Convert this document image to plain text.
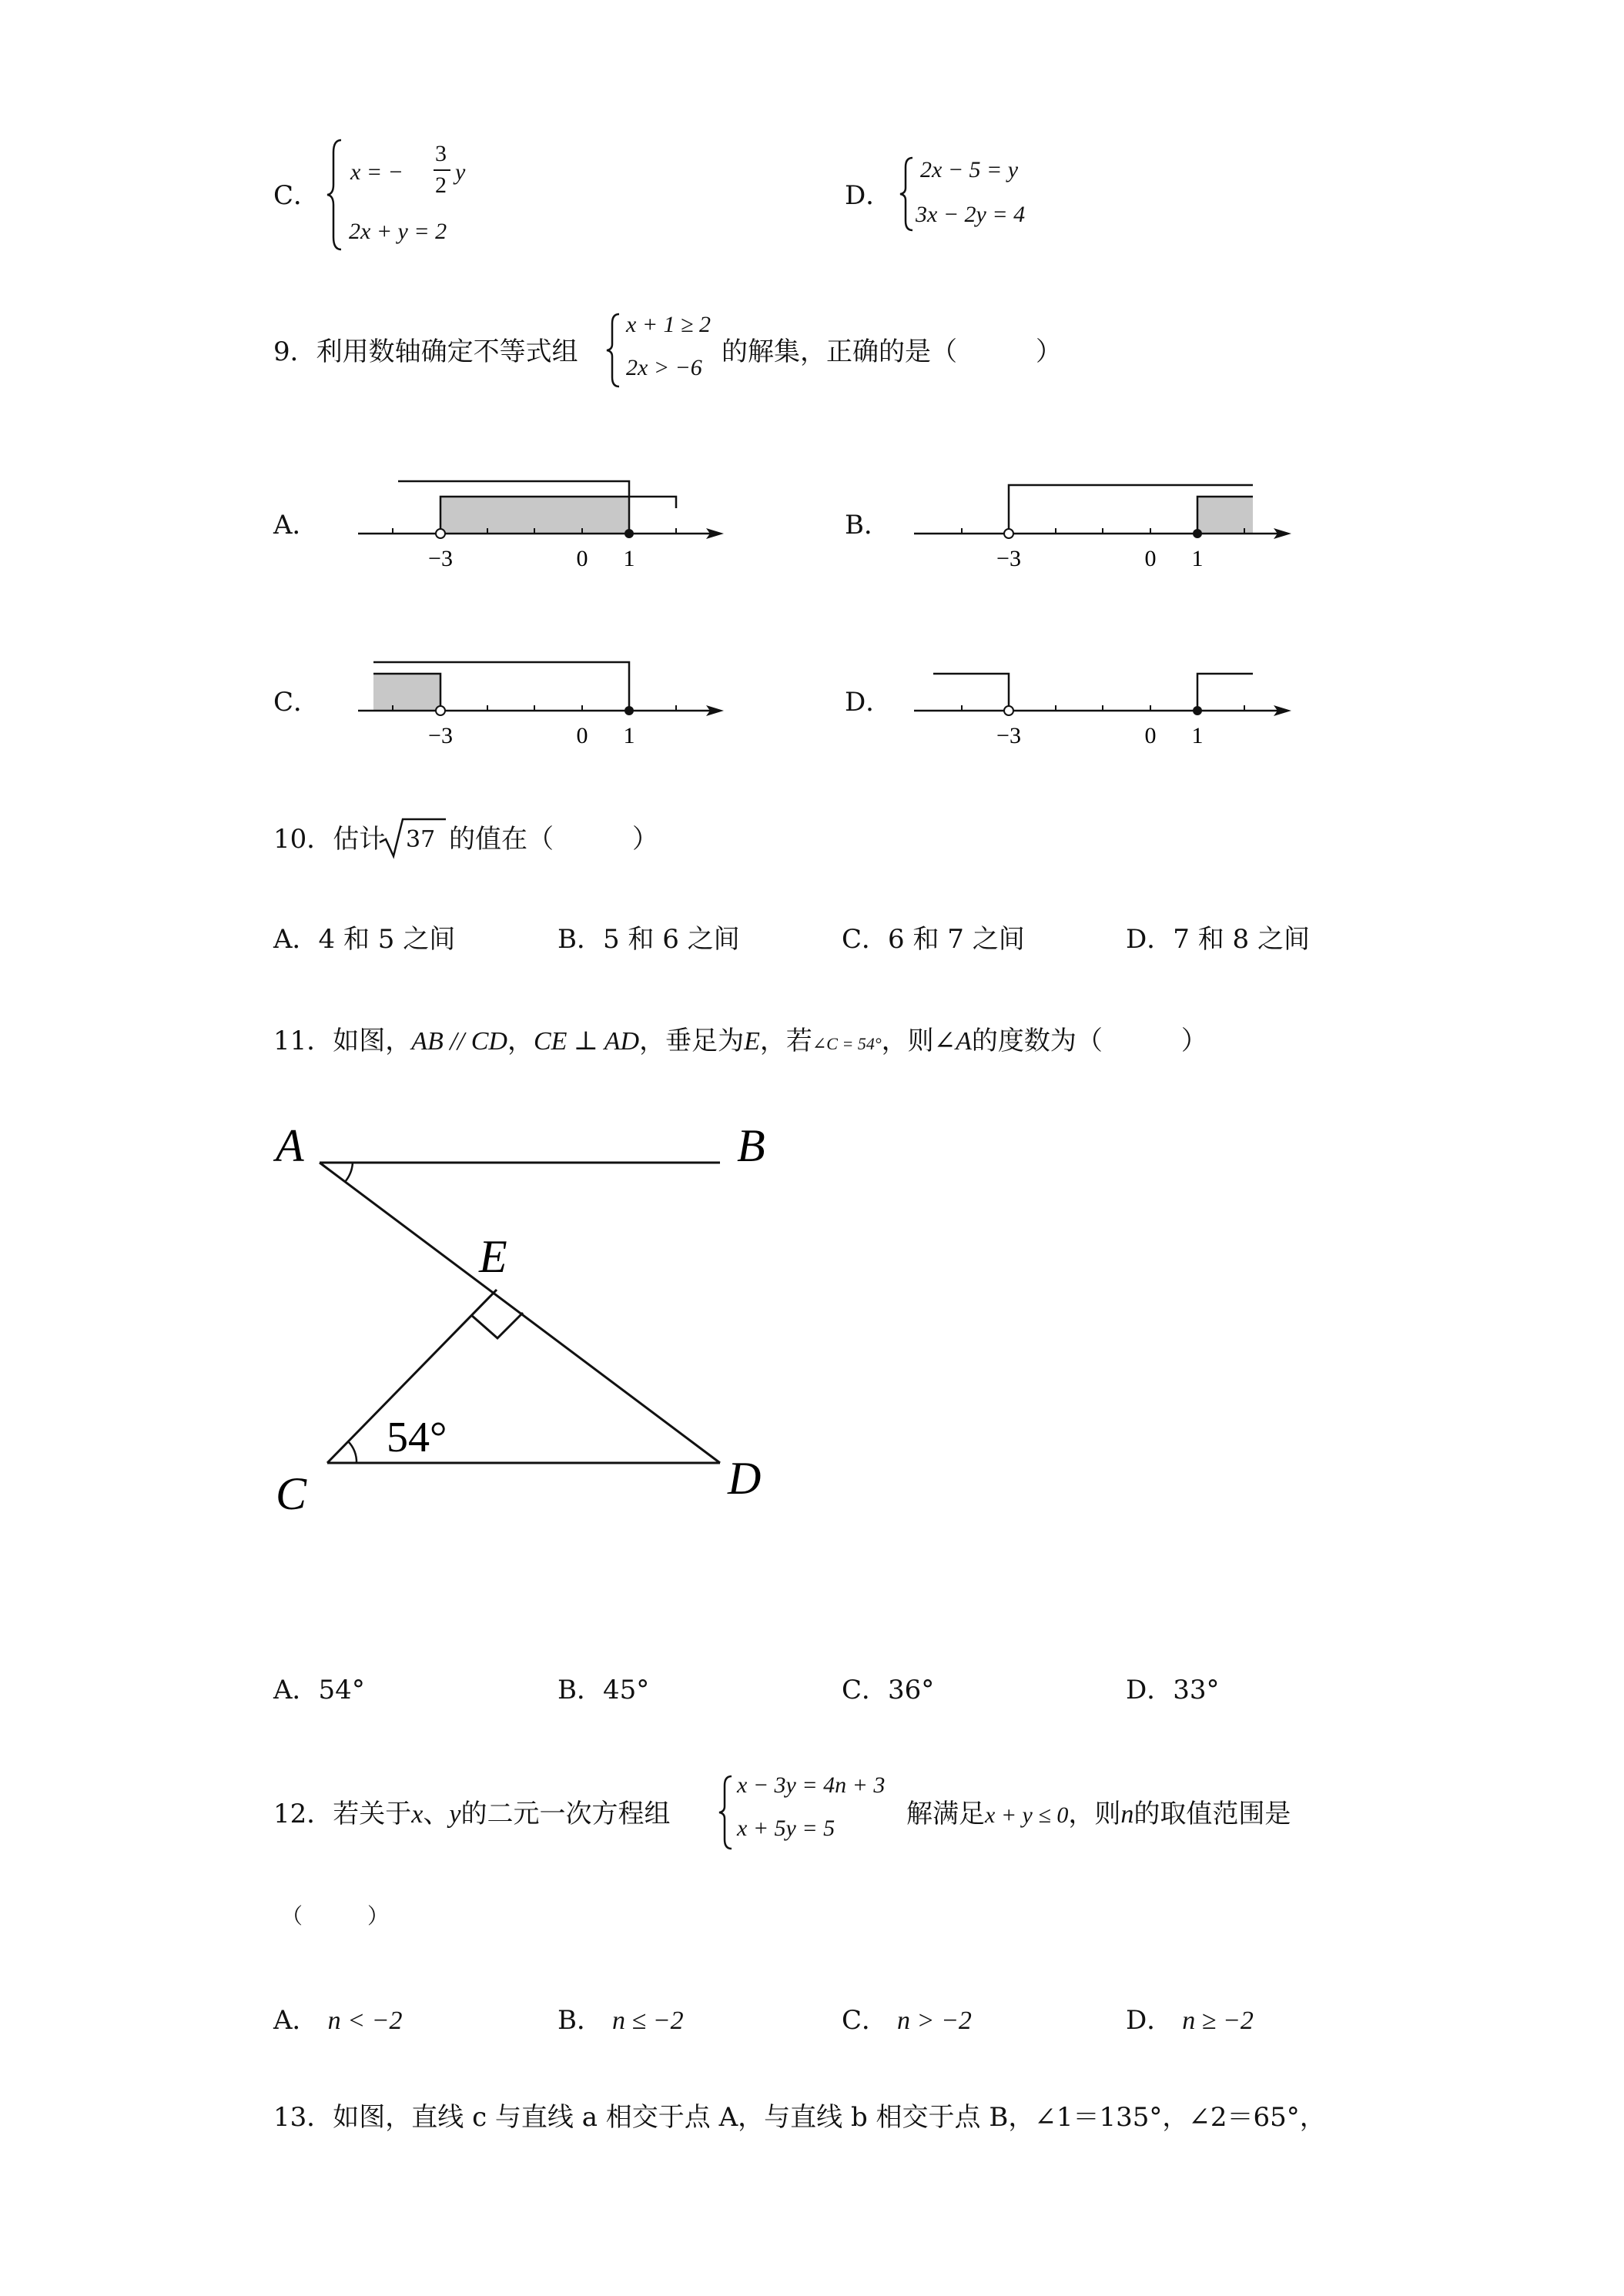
C．
x = −
3
2
y
2x + y = 2
D．
2x − 5 = y
3x − 2y = 4
9．利用数轴确定不等式组
x + 1 ≥ 2
2x > −6
的解集，正确的是（　　　）
A．
−3	0 1
B．
−3	0 1
C．
−3	0 1
D．
−3	0 1
10．估计 37 的值在（　　　）
A．4 和 5 之间	B．5 和 6 之间	C．6 和 7 之间	D．7 和 8 之间
11．如图，AB // CD，CE ⊥ AD，垂足为E，若∠C = 54°，则∠A的度数为（　　　）
A	B
E
C	D
54°
A．54°	B．45°	C．36°	D．33°
12．若关于x、y的二元一次方程组
x − 3y = 4n + 3
x + 5y = 5	解满足x + y ≤ 0，则n的取值范围是
（　　　）
A． n < −2	B． n ≤ −2	C． n > −2	D． n ≥ −2
13．如图，直线 c 与直线 a 相交于点 A，与直线 b 相交于点 B，∠1＝135°，∠2＝65°，
